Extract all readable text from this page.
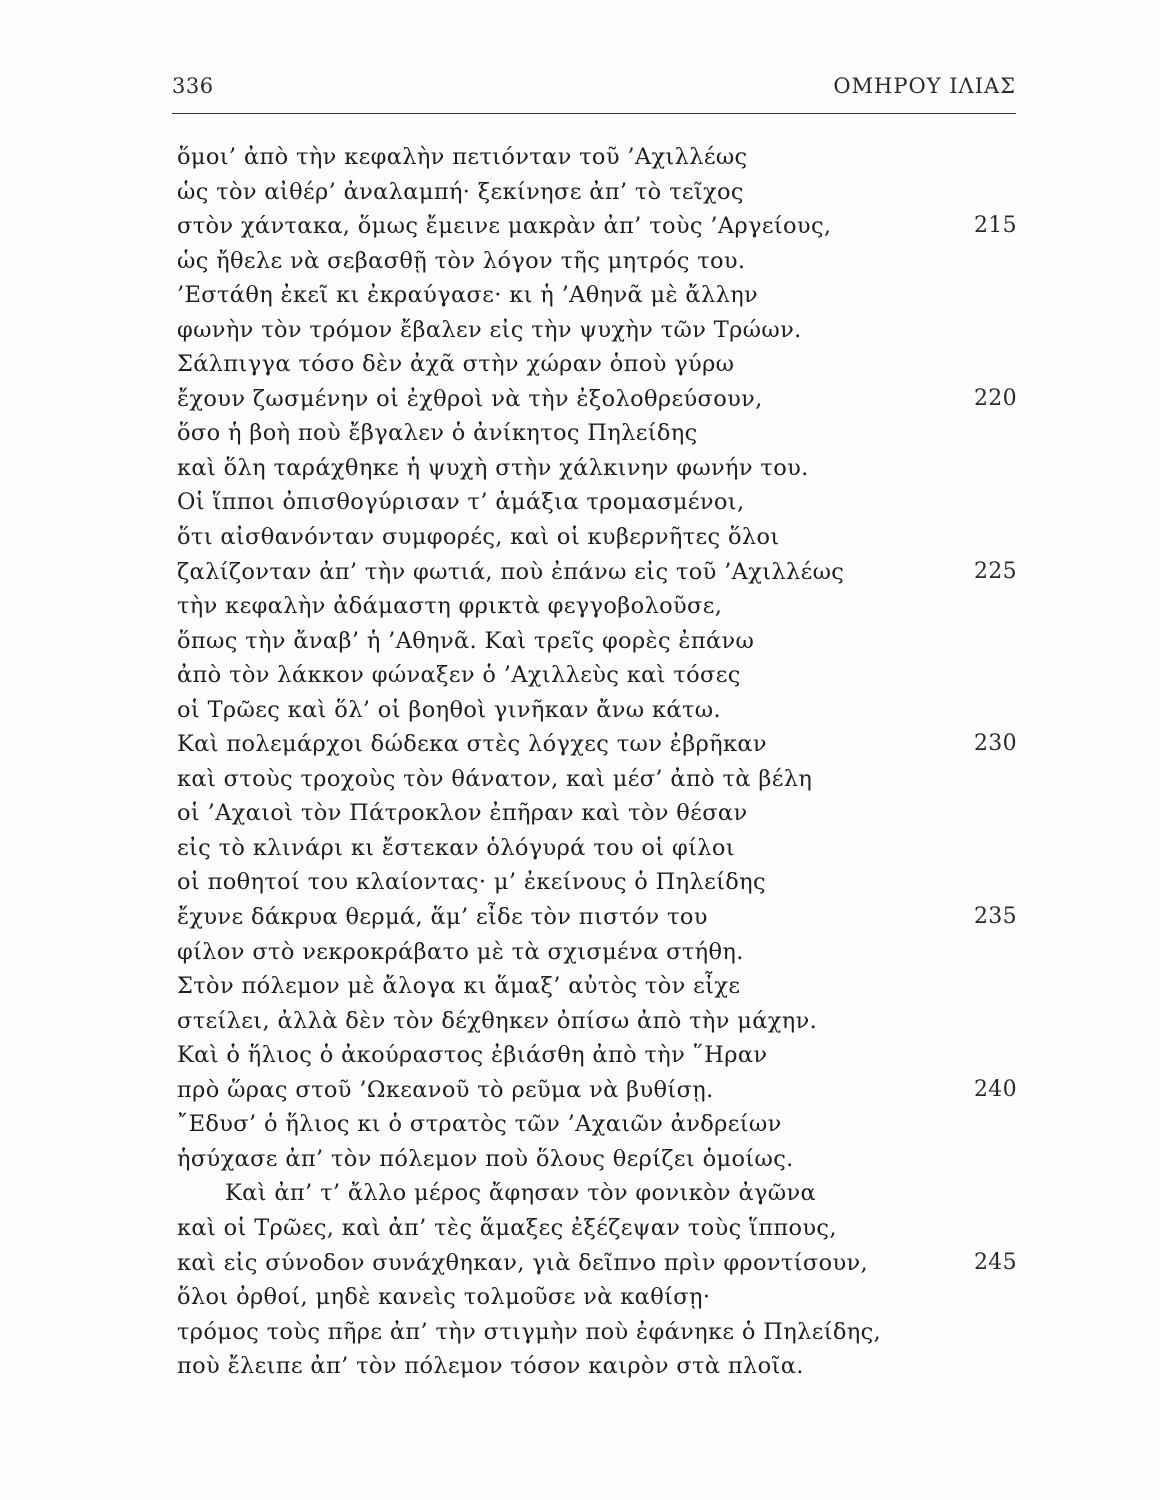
336	ΟΜΗΡΟΥ ΙΛΙΑΣ
ὅμοι’ ἀπὸ τὴν κεφαλὴν πετιόνταν τοῦ ’Αχιλλέως
ὡς τὸν αἰθέρ’ ἀναλαμπή· ξεκίνησε ἀπ’ τὸ τεῖχος
στὸν χάντακα, ὅμως ἔμεινε μακρὰν ἀπ’ τοὺς ’Αργείους,	215
ὡς ἤθελε νὰ σεβασθῇ τὸν λόγον τῆς μητρός του.
’Εστάθη ἐκεῖ κι ἐκραύγασε· κι ἡ ’Αθηνᾶ μὲ ἄλλην
φωνὴν τὸν τρόμον ἔβαλεν εἰς τὴν ψυχὴν τῶν Τρώων.
Σάλπιγγα τόσο δὲν ἀχᾶ στὴν χώραν ὁποὺ γύρω
ἔχουν ζωσμένην οἱ ἐχθροὶ νὰ τὴν ἐξολοθρεύσουν,	220
ὅσο ἡ βοὴ ποὺ ἔβγαλεν ὁ ἀνίκητος Πηλείδης
καὶ ὅλη ταράχθηκε ἡ ψυχὴ στὴν χάλκινην φωνήν του.
Οἱ ἵπποι ὀπισθογύρισαν τ’ ἁμάξια τρομασμένοι,
ὅτι αἰσθανόνταν συμφορές, καὶ οἱ κυβερνῆτες ὅλοι
ζαλίζονταν ἀπ’ τὴν φωτιά, ποὺ ἐπάνω εἰς τοῦ ’Αχιλλέως	225
τὴν κεφαλὴν ἀδάμαστη φρικτὰ φεγγοβολοῦσε,
ὅπως τὴν ἄναβ’ ἡ ’Αθηνᾶ. Καὶ τρεῖς φορὲς ἐπάνω
ἀπὸ τὸν λάκκον φώναξεν ὁ ’Αχιλλεὺς καὶ τόσες
οἱ Τρῶες καὶ ὅλ’ οἱ βοηθοὶ γινῆκαν ἄνω κάτω.
Καὶ πολεμάρχοι δώδεκα στὲς λόγχες των ἐβρῆκαν	230
καὶ στοὺς τροχοὺς τὸν θάνατον, καὶ μέσ’ ἀπὸ τὰ βέλη
οἱ ’Αχαιοὶ τὸν Πάτροκλον ἐπῆραν καὶ τὸν θέσαν
εἰς τὸ κλινάρι κι ἔστεκαν ὁλόγυρά του οἱ φίλοι
οἱ ποθητοί του κλαίοντας· μ’ ἐκείνους ὁ Πηλείδης
ἔχυνε δάκρυα θερμά, ἅμ’ εἶδε τὸν πιστόν του	235
φίλον στὸ νεκροκράβατο μὲ τὰ σχισμένα στήθη.
Στὸν πόλεμον μὲ ἄλογα κι ἅμαξ’ αὐτὸς τὸν εἶχε
στείλει, ἀλλὰ δὲν τὸν δέχθηκεν ὀπίσω ἀπὸ τὴν μάχην.
Καὶ ὁ ἥλιος ὁ ἀκούραστος ἐβιάσθη ἀπὸ τὴν ῞Ηραν
πρὸ ὥρας στοῦ ’Ωκεανοῦ τὸ ρεῦμα νὰ βυθίσῃ.	240
῎Εδυσ’ ὁ ἥλιος κι ὁ στρατὸς τῶν ’Αχαιῶν ἀνδρείων
ἡσύχασε ἀπ’ τὸν πόλεμον ποὺ ὅλους θερίζει ὁμοίως.
Καὶ ἀπ’ τ’ ἄλλο μέρος ἄφησαν τὸν φονικὸν ἀγῶνα
καὶ οἱ Τρῶες, καὶ ἀπ’ τὲς ἅμαξες ἐξέζεψαν τοὺς ἵππους,
καὶ εἰς σύνοδον συνάχθηκαν, γιὰ δεῖπνο πρὶν φροντίσουν,	245
ὅλοι ὀρθοί, μηδὲ κανεὶς τολμοῦσε νὰ καθίσῃ·
τρόμος τοὺς πῆρε ἀπ’ τὴν στιγμὴν ποὺ ἐφάνηκε ὁ Πηλείδης,
ποὺ ἔλειπε ἀπ’ τὸν πόλεμον τόσον καιρὸν στὰ πλοῖα.
